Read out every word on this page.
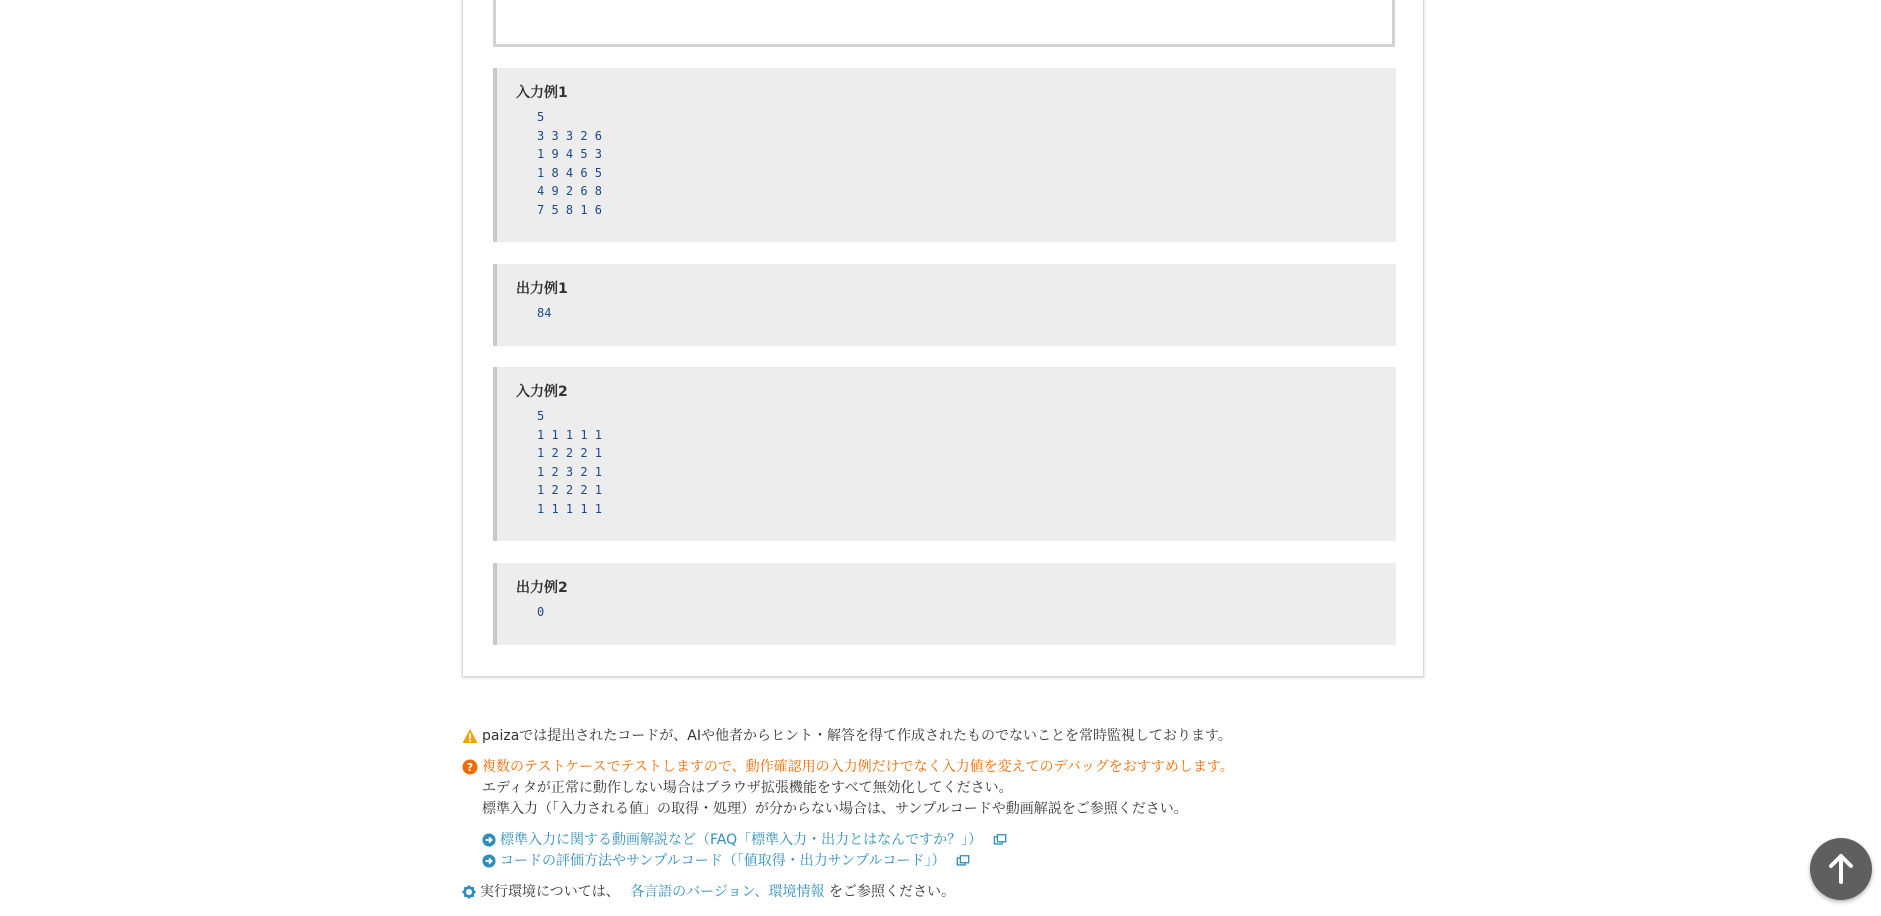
入力例1
5
3 3 3 2 6
1 9 4 5 3
1 8 4 6 5
4 9 2 6 8
7 5 8 1 6
出力例1
84
入力例2
5
1 1 1 1 1
1 2 2 2 1
1 2 3 2 1
1 2 2 2 1
1 1 1 1 1
出力例2
0
paizaでは提出されたコードが、AIや他者からヒント・解答を得て作成されたものでないことを常時監視しております。
? 複数のテストケースでテストしますので、動作確認用の入力例だけでなく入力値を変えてのデバッグをおすすめします。
エディタが正常に動作しない場合はブラウザ拡張機能をすべて無効化してください。
標準入力（「入力される値」の取得・処理）が分からない場合は、サンプルコードや動画解説をご参照ください。
標準入力に関する動画解説など（FAQ「標準入力・出力とはなんですか？」）
コードの評価方法やサンプルコード（「値取得・出力サンプルコード」）
実行環境については、 各言語のバージョン、環境情報 をご参照ください。
